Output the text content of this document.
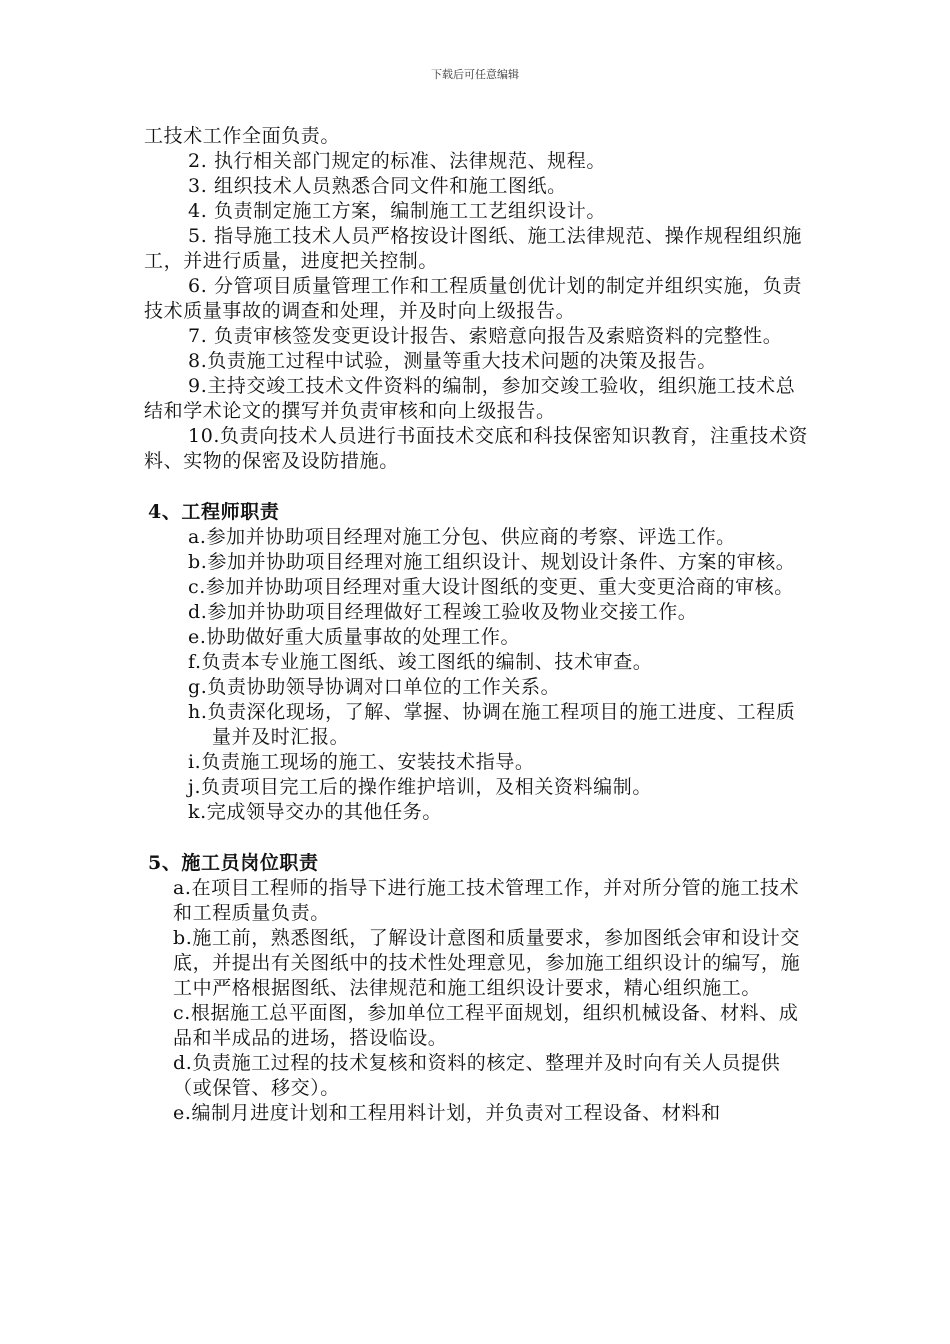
下载后可任意编辑

工技术工作全面负责。

2. 执行相关部门规定的标准、法律规范、规程。

3. 组织技术人员熟悉合同文件和施工图纸。

4. 负责制定施工方案，编制施工工艺组织设计。

5. 指导施工技术人员严格按设计图纸、施工法律规范、操作规程组织施工，并进行质量，进度把关控制。

6. 分管项目质量管理工作和工程质量创优计划的制定并组织实施，负责技术质量事故的调查和处理，并及时向上级报告。

7. 负责审核签发变更设计报告、索赔意向报告及索赔资料的完整性。

8.负责施工过程中试验，测量等重大技术问题的决策及报告。

9.主持交竣工技术文件资料的编制，参加交竣工验收，组织施工技术总结和学术论文的撰写并负责审核和向上级报告。

10.负责向技术人员进行书面技术交底和科技保密知识教育，注重技术资料、实物的保密及设防措施。

4、工程师职责

a.参加并协助项目经理对施工分包、供应商的考察、评选工作。

b.参加并协助项目经理对施工组织设计、规划设计条件、方案的审核。

c.参加并协助项目经理对重大设计图纸的变更、重大变更洽商的审核。

d.参加并协助项目经理做好工程竣工验收及物业交接工作。

e.协助做好重大质量事故的处理工作。

f.负责本专业施工图纸、竣工图纸的编制、技术审查。

g.负责协助领导协调对口单位的工作关系。

h.负责深化现场，了解、掌握、协调在施工程项目的施工进度、工程质量并及时汇报。

i.负责施工现场的施工、安装技术指导。

j.负责项目完工后的操作维护培训，及相关资料编制。

k.完成领导交办的其他任务。

5、施工员岗位职责

a.在项目工程师的指导下进行施工技术管理工作，并对所分管的施工技术和工程质量负责。

b.施工前，熟悉图纸，了解设计意图和质量要求，参加图纸会审和设计交底，并提出有关图纸中的技术性处理意见，参加施工组织设计的编写，施工中严格根据图纸、法律规范和施工组织设计要求，精心组织施工。

c.根据施工总平面图，参加单位工程平面规划，组织机械设备、材料、成品和半成品的进场，搭设临设。

d.负责施工过程的技术复核和资料的核定、整理并及时向有关人员提供（或保管、移交）。

e.编制月进度计划和工程用料计划，并负责对工程设备、材料和
